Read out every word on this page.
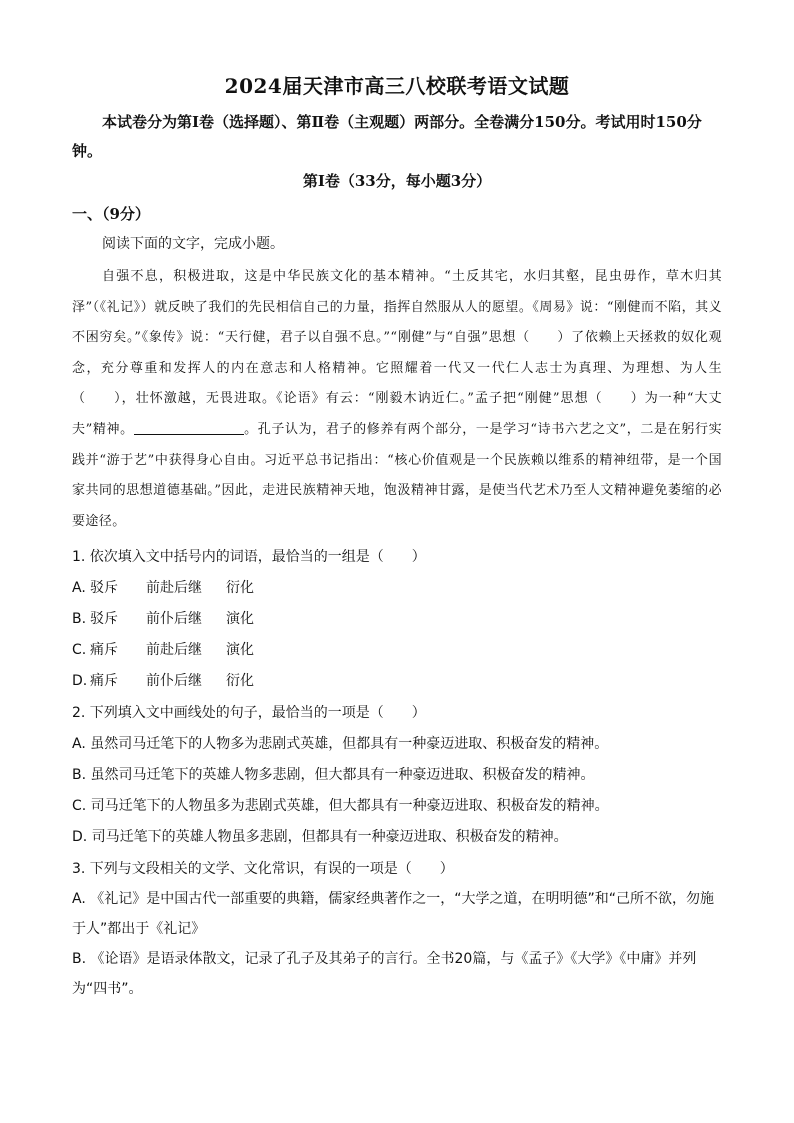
2024届天津市高三八校联考语文试题
本试卷分为第Ⅰ卷（选择题）、第Ⅱ卷（主观题）两部分。全卷满分150分。考试用时150分钟。
第Ⅰ卷（33分，每小题3分）
一、（9分）
阅读下面的文字，完成小题。
自强不息，积极进取，这是中华民族文化的基本精神。“土反其宅，水归其壑，昆虫毋作，草木归其泽”（《礼记》）就反映了我们的先民相信自己的力量，指挥自然服从人的愿望。《周易》说：“刚健而不陷，其义不困穷矣。”《象传》说：“天行健，君子以自强不息。”“刚健”与“自强”思想（　　）了依赖上天拯救的奴化观念，充分尊重和发挥人的内在意志和人格精神。它照耀着一代又一代仁人志士为真理、为理想、为人生（　　），壮怀激越，无畏进取。《论语》有云：“刚毅木讷近仁。”孟子把“刚健”思想（　　）为一种“大丈夫”精神。	。孔子认为，君子的修养有两个部分，一是学习“诗书六艺之文”，二是在躬行实践并“游于艺”中获得身心自由。习近平总书记指出：“核心价值观是一个民族赖以维系的精神纽带，是一个国家共同的思想道德基础。”因此，走进民族精神天地，饱汲精神甘露，是使当代艺术乃至人文精神避免萎缩的必要途径。
1. 依次填入文中括号内的词语，最恰当的一组是（　　）
A. 驳斥 前赴后继 衍化
B. 驳斥 前仆后继 演化
C. 痛斥 前赴后继 演化
D. 痛斥 前仆后继 衍化
2. 下列填入文中画线处的句子，最恰当的一项是（　　）
A. 虽然司马迁笔下的人物多为悲剧式英雄，但都具有一种豪迈进取、积极奋发的精神。
B. 虽然司马迁笔下的英雄人物多悲剧，但大都具有一种豪迈进取、积极奋发的精神。
C. 司马迁笔下的人物虽多为悲剧式英雄，但大都具有一种豪迈进取、积极奋发的精神。
D. 司马迁笔下的英雄人物虽多悲剧，但都具有一种豪迈进取、积极奋发的精神。
3. 下列与文段相关的文学、文化常识，有误的一项是（　　）
A. 《礼记》是中国古代一部重要的典籍，儒家经典著作之一，“大学之道，在明明德”和“己所不欲，勿施于人”都出于《礼记》
B. 《论语》是语录体散文，记录了孔子及其弟子的言行。全书20篇，与《孟子》《大学》《中庸》并列为“四书”。
